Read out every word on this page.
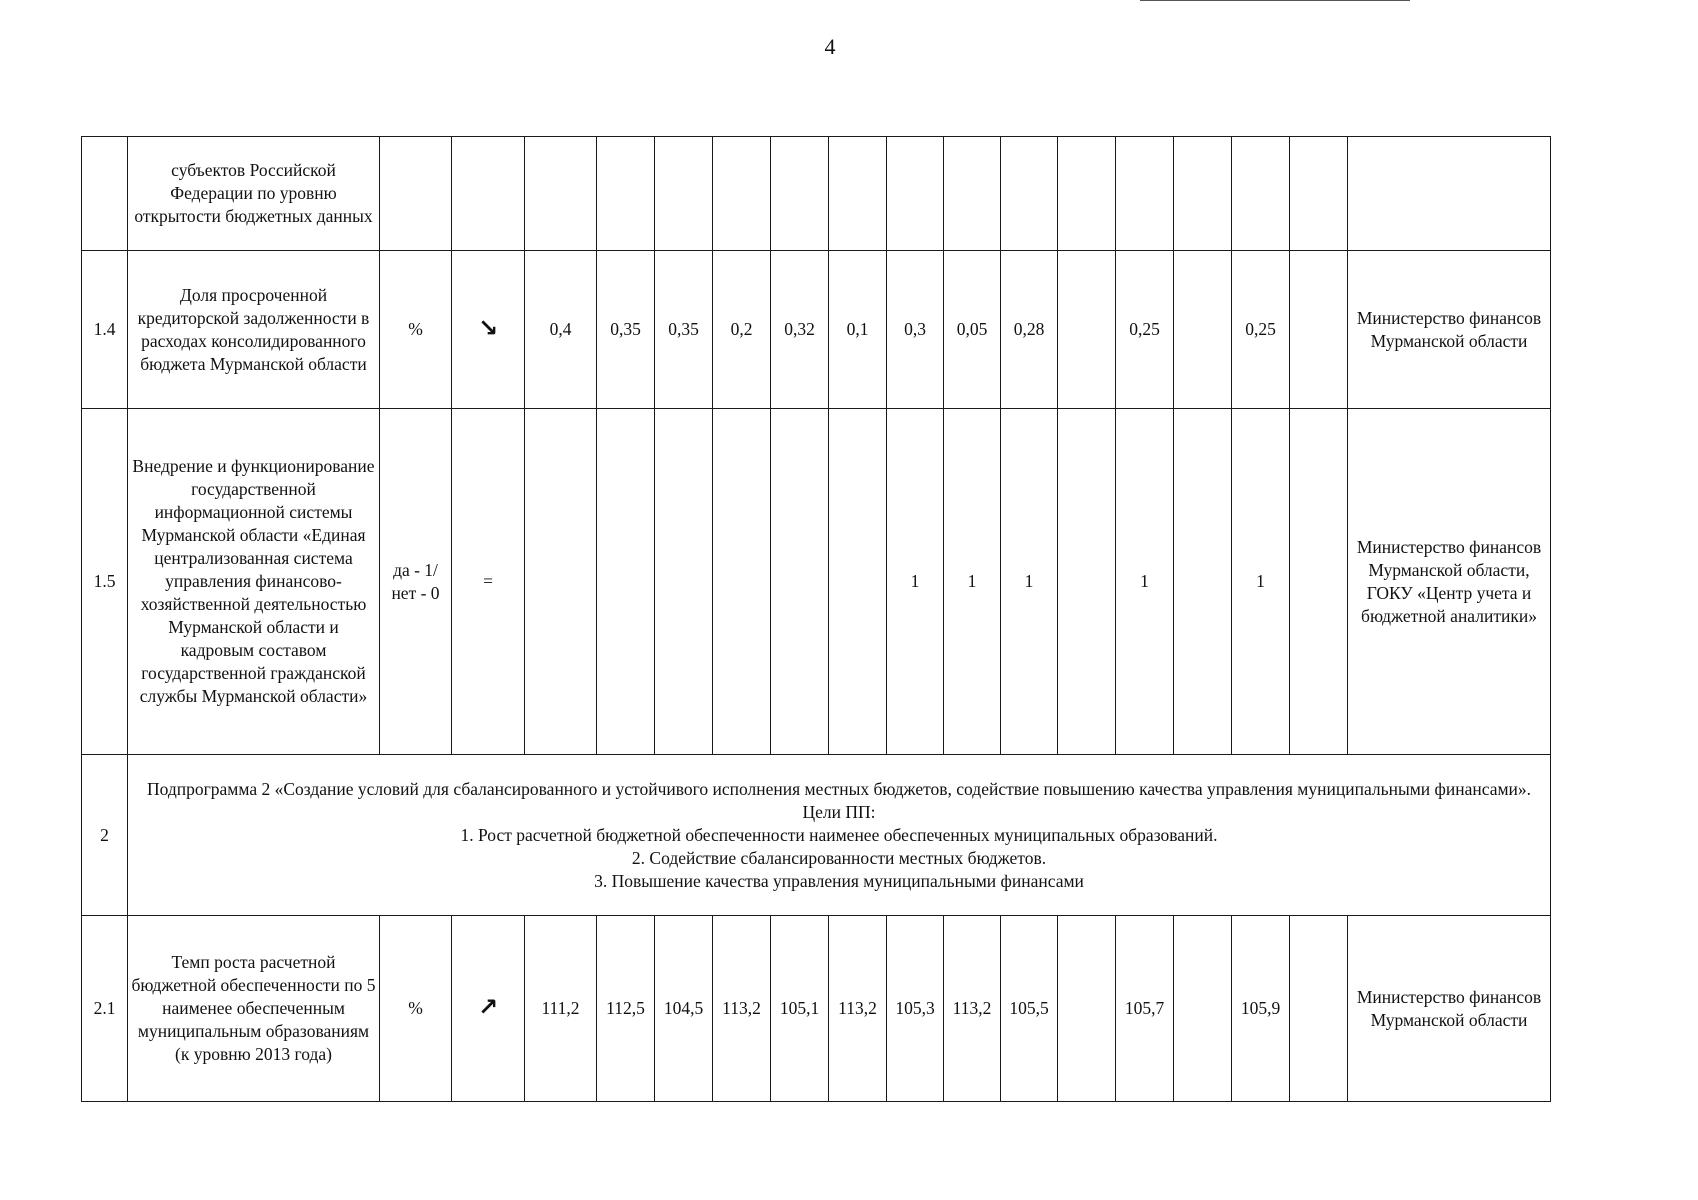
4
	субъектов Российской Федерации по уровню открытости бюджетных данных																	
1.4	Доля просроченной кредиторской задолженности в расходах консолидированного бюджета Мурманской области	%	↘	0,4	0,35	0,35	0,2	0,32	0,1	0,3	0,05	0,28		0,25		0,25		Министерство финансов Мурманской области
1.5	Внедрение и функционирование государственной информационной системы Мурманской области «Единая централизованная система управления финансово-хозяйственной деятельностью Мурманской области и кадровым составом государственной гражданской службы Мурманской области»	да - 1/нет - 0	=							1	1	1		1		1		Министерство финансов Мурманской области, ГОКУ «Центр учета и бюджетной аналитики»
2	Подпрограмма 2 «Создание условий для сбалансированного и устойчивого исполнения местных бюджетов, содействие повышению качества управления муниципальными финансами».
Цели ПП:
1. Рост расчетной бюджетной обеспеченности наименее обеспеченных муниципальных образований.
2. Содействие сбалансированности местных бюджетов.
3. Повышение качества управления муниципальными финансами																	

2.1	Темп роста расчетной бюджетной обеспеченности по 5 наименее обеспеченным муниципальным образованиям (к уровню 2013 года)	%	↗	111,2	112,5	104,5	113,2	105,1	113,2	105,3	113,2	105,5		105,7		105,9		Министерство финансов Мурманской области
